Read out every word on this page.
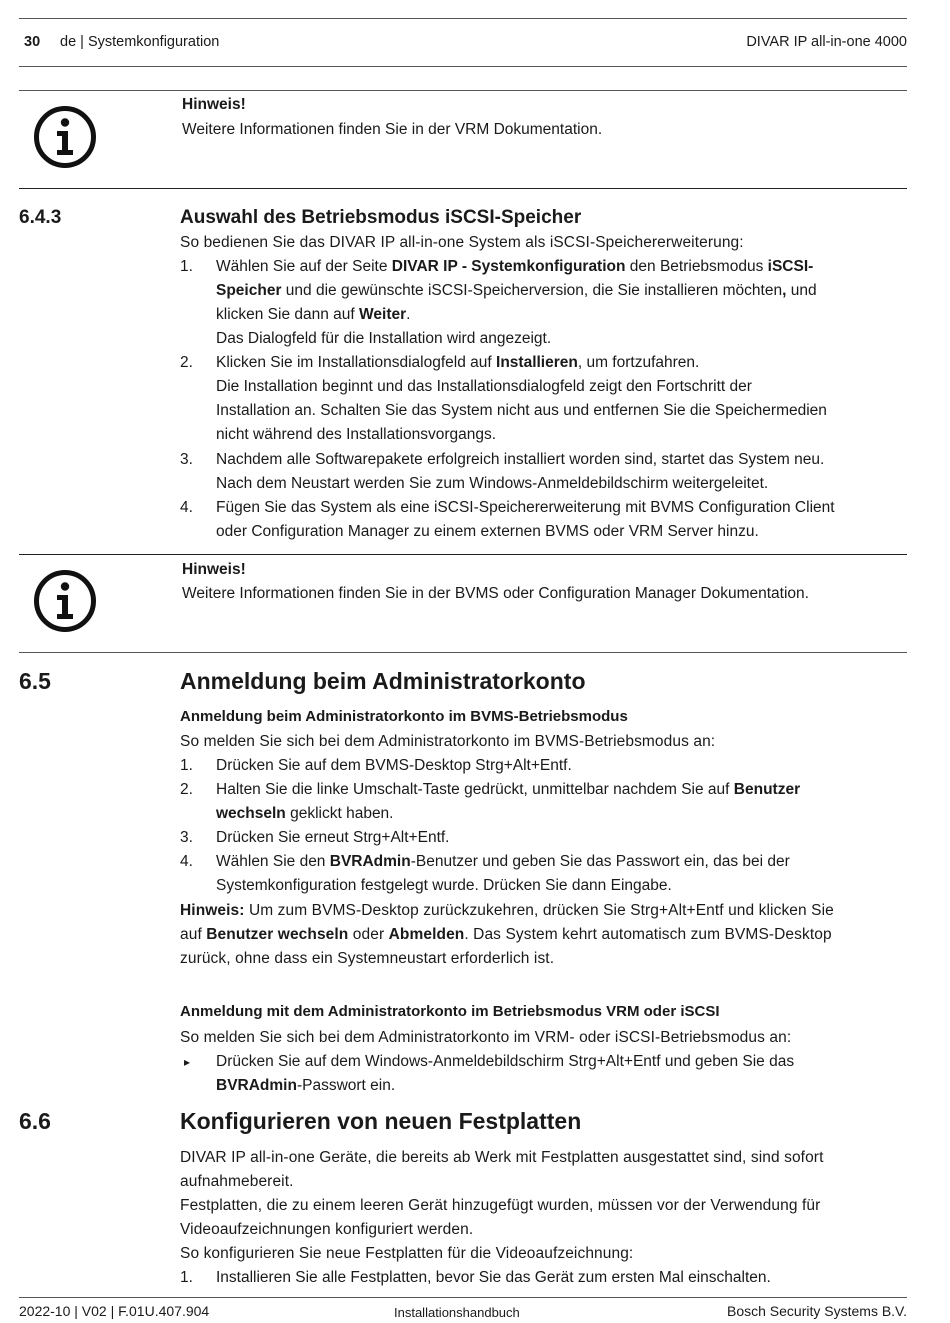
30 de | Systemkonfiguration	DIVAR IP all-in-one 4000
Hinweis!
Weitere Informationen finden Sie in der VRM Dokumentation.
6.4.3	Auswahl des Betriebsmodus iSCSI-Speicher
So bedienen Sie das DIVAR IP all-in-one System als iSCSI-Speichererweiterung:
1. Wählen Sie auf der Seite DIVAR IP - Systemkonfiguration den Betriebsmodus iSCSI-
Speicher und die gewünschte iSCSI-Speicherversion, die Sie installieren möchten, und
klicken Sie dann auf Weiter.
Das Dialogfeld für die Installation wird angezeigt.
2. Klicken Sie im Installationsdialogfeld auf Installieren, um fortzufahren.
Die Installation beginnt und das Installationsdialogfeld zeigt den Fortschritt der
Installation an. Schalten Sie das System nicht aus und entfernen Sie die Speichermedien
nicht während des Installationsvorgangs.
3. Nachdem alle Softwarepakete erfolgreich installiert worden sind, startet das System neu.
Nach dem Neustart werden Sie zum Windows-Anmeldebildschirm weitergeleitet.
4. Fügen Sie das System als eine iSCSI-Speichererweiterung mit BVMS Configuration Client
oder Configuration Manager zu einem externen BVMS oder VRM Server hinzu.
Hinweis!
Weitere Informationen finden Sie in der BVMS oder Configuration Manager Dokumentation.
6.5	Anmeldung beim Administratorkonto
Anmeldung beim Administratorkonto im BVMS-Betriebsmodus
So melden Sie sich bei dem Administratorkonto im BVMS-Betriebsmodus an:
1. Drücken Sie auf dem BVMS-Desktop Strg+Alt+Entf.
2. Halten Sie die linke Umschalt-Taste gedrückt, unmittelbar nachdem Sie auf Benutzer
wechseln geklickt haben.
3. Drücken Sie erneut Strg+Alt+Entf.
4. Wählen Sie den BVRAdmin-Benutzer und geben Sie das Passwort ein, das bei der
Systemkonfiguration festgelegt wurde. Drücken Sie dann Eingabe.
Hinweis: Um zum BVMS-Desktop zurückzukehren, drücken Sie Strg+Alt+Entf und klicken Sie
auf Benutzer wechseln oder Abmelden. Das System kehrt automatisch zum BVMS-Desktop
zurück, ohne dass ein Systemneustart erforderlich ist.
Anmeldung mit dem Administratorkonto im Betriebsmodus VRM oder iSCSI
So melden Sie sich bei dem Administratorkonto im VRM- oder iSCSI-Betriebsmodus an:
▸ Drücken Sie auf dem Windows-Anmeldebildschirm Strg+Alt+Entf und geben Sie das
BVRAdmin-Passwort ein.
6.6	Konfigurieren von neuen Festplatten
DIVAR IP all-in-one Geräte, die bereits ab Werk mit Festplatten ausgestattet sind, sind sofort
aufnahmebereit.
Festplatten, die zu einem leeren Gerät hinzugefügt wurden, müssen vor der Verwendung für
Videoaufzeichnungen konfiguriert werden.
So konfigurieren Sie neue Festplatten für die Videoaufzeichnung:
1. Installieren Sie alle Festplatten, bevor Sie das Gerät zum ersten Mal einschalten.
2022-10 | V02 | F.01U.407.904	Installationshandbuch	Bosch Security Systems B.V.
